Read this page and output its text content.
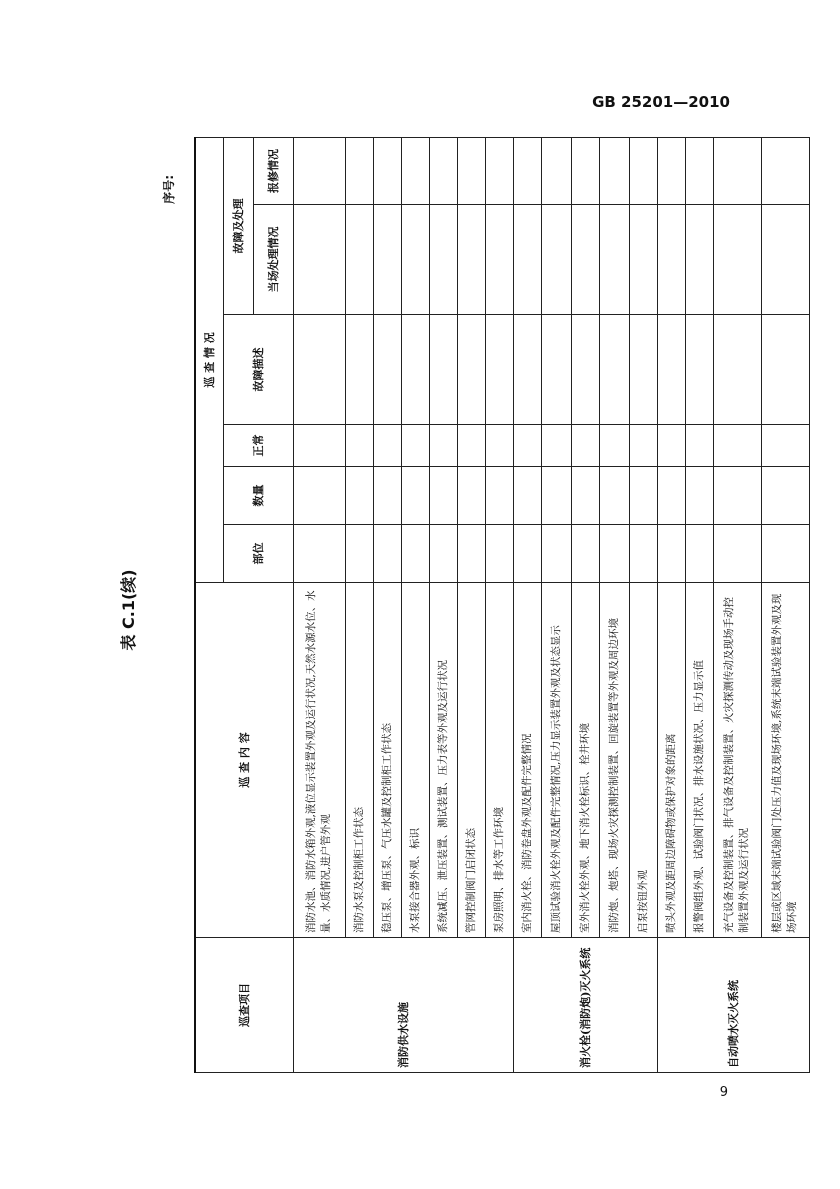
GB 25201—2010
表 C.1(续)
序号:
巡查项目	巡 查 内 容	巡 查 情 况					
		部位	数量	正常	故障描述	故障及处理	
						当场处理情况	报修情况
消防供水设施	消防水池、消防水箱外观,液位显示装置外观及运行状况,天然水源水位、水量、水质情况,进户管外观						
	消防水泵及控制柜工作状态						
	稳压泵、增压泵、气压水罐及控制柜工作状态						
	水泵接合器外观、标识						
	系统减压、泄压装置、测试装置、压力表等外观及运行状况						
	管网控制阀门启闭状态						
	泵房照明、排水等工作环境						
消火栓(消防炮)灭火系统	室内消火栓、消防卷盘外观及配件完整情况						
	屋顶试验消火栓外观及配件完整情况,压力显示装置外观及状态显示						
	室外消火栓外观、地下消火栓标识、栓井环境						
	消防炮、炮塔、现场火灾探测控制装置、回旋装置等外观及周边环境						
	启泵按钮外观						
自动喷水灭火系统	喷头外观及距周边障碍物或保护对象的距离						
	报警阀组外观、试验阀门状况、排水设施状况、压力显示值						
	充气设备及控制装置、排气设备及控制装置、火灾探测传动及现场手动控制装置外观及运行状况						
	楼层或区域末端试验阀门处压力值及现场环境,系统末端试验装置外观及现场环境						
9
